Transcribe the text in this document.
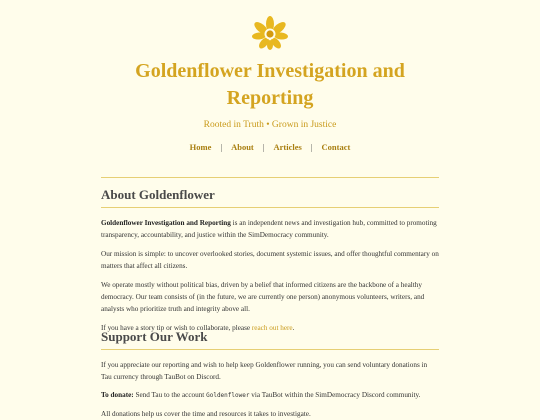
Goldenflower Investigation and Reporting
Rooted in Truth • Grown in Justice
Home | About | Articles | Contact
About Goldenflower

Goldenflower Investigation and Reporting is an independent news and investigation hub, committed to promoting transparency, accountability, and justice within the SimDemocracy community.

Our mission is simple: to uncover overlooked stories, document systemic issues, and offer thoughtful commentary on matters that affect all citizens.

We operate mostly without political bias, driven by a belief that informed citizens are the backbone of a healthy democracy. Our team consists of (in the future, we are currently one person) anonymous volunteers, writers, and analysts who prioritize truth and integrity above all.

If you have a story tip or wish to collaborate, please reach out here.

Support Our Work

If you appreciate our reporting and wish to help keep Goldenflower running, you can send voluntary donations in Tau currency through TauBot on Discord.

To donate: Send Tau to the account Goldenflower via TauBot within the SimDemocracy Discord community.

All donations help us cover the time and resources it takes to investigate.
